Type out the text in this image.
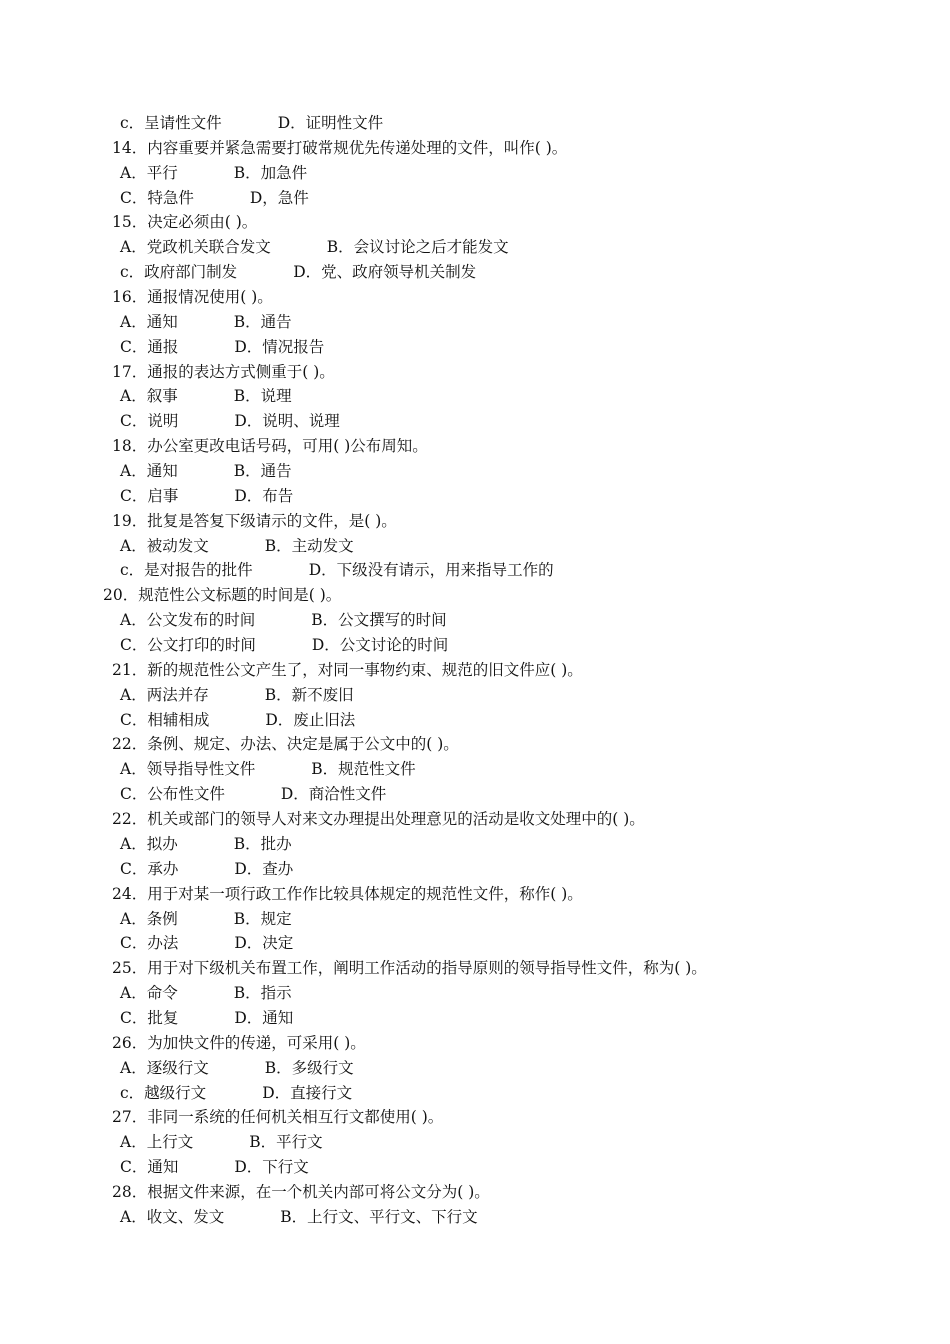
c．呈请性文件	D．证明性文件
14．内容重要并紧急需要打破常规优先传递处理的文件，叫作( )。
A．平行	B．加急件
C．特急件	D，急件
15．决定必须由( )。
A．党政机关联合发文	B．会议讨论之后才能发文
c．政府部门制发	D．党、政府领导机关制发
16．通报情况使用( )。
A．通知	B．通告
C．通报	D．情况报告
17．通报的表达方式侧重于( )。
A．叙事	B．说理
C．说明	D．说明、说理
18．办公室更改电话号码，可用( )公布周知。
A．通知	B．通告
C．启事	D．布告
19．批复是答复下级请示的文件，是( )。
A．被动发文	B．主动发文
c．是对报告的批件	D．下级没有请示，用来指导工作的
20．规范性公文标题的时间是( )。
A．公文发布的时间	B．公文撰写的时间
C．公文打印的时间	D．公文讨论的时间
21．新的规范性公文产生了，对同一事物约束、规范的旧文件应( )。
A．两法并存	B．新不废旧
C．相辅相成	D．废止旧法
22．条例、规定、办法、决定是属于公文中的( )。
A．领导指导性文件	B．规范性文件
C．公布性文件	D．商洽性文件
22．机关或部门的领导人对来文办理提出处理意见的活动是收文处理中的( )。
A．拟办	B．批办
C．承办	D．查办
24．用于对某一项行政工作作比较具体规定的规范性文件，称作( )。
A．条例	B．规定
C．办法	D．决定
25．用于对下级机关布置工作，阐明工作活动的指导原则的领导指导性文件，称为( )。
A．命令	B．指示
C．批复	D．通知
26．为加快文件的传递，可采用( )。
A．逐级行文	B．多级行文
c．越级行文	D．直接行文
27．非同一系统的任何机关相互行文都使用( )。
A．上行文	B．平行文
C．通知	D．下行文
28．根据文件来源，在一个机关内部可将公文分为( )。
A．收文、发文	B．上行文、平行文、下行文
